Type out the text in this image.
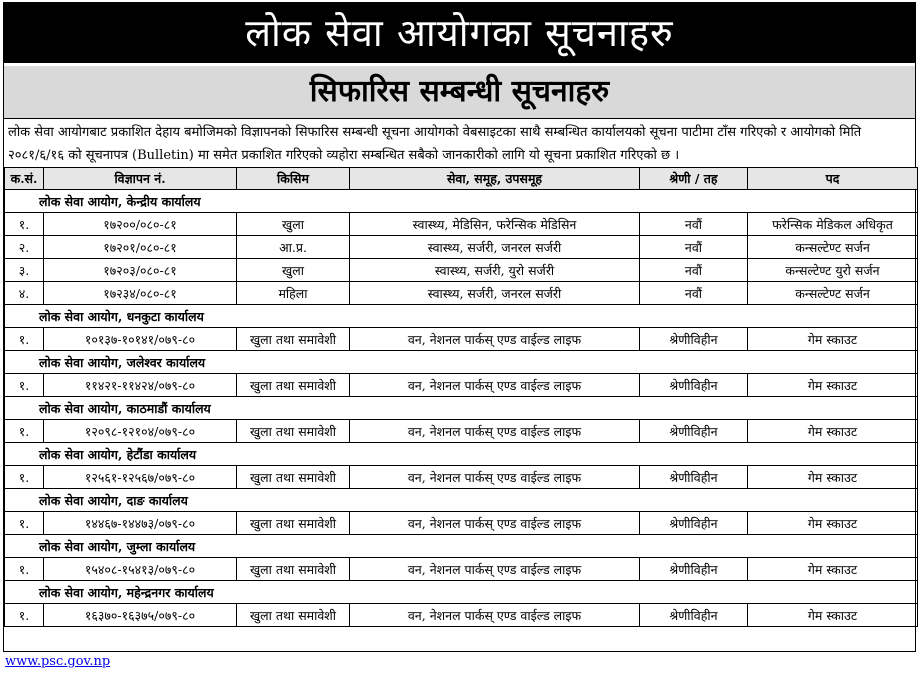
लोक सेवा आयोगका सूचनाहरु
सिफारिस सम्बन्धी सूचनाहरु
लोक सेवा आयोगबाट प्रकाशित देहाय बमोजिमको विज्ञापनको सिफारिस सम्बन्धी सूचना आयोगको वेबसाइटका साथै सम्बन्धित कार्यालयको सूचना पाटीमा टाँस गरिएको र आयोगको मिति २०८१/६/१६ को सूचनापत्र (Bulletin) मा समेत प्रकाशित गरिएको व्यहोरा सम्बन्धित सबैको जानकारीको लागि यो सूचना प्रकाशित गरिएको छ ।
क.सं.	विज्ञापन नं.	किसिम	सेवा, समूह, उपसमूह	श्रेणी / तह	पद
लोक सेवा आयोग, केन्द्रीय कार्यालय					
१.	१७२००/०८०-८१	खुला	स्वास्थ्य, मेडिसिन, फरेन्सिक मेडिसिन	नवौं	फरेन्सिक मेडिकल अधिकृत
२.	१७२०१/०८०-८१	आ.प्र.	स्वास्थ्य, सर्जरी, जनरल सर्जरी	नवौं	कन्सल्टेण्ट सर्जन
३.	१७२०३/०८०-८१	खुला	स्वास्थ्य, सर्जरी, युरो सर्जरी	नवौं	कन्सल्टेण्ट युरो सर्जन
४.	१७२३४/०८०-८१	महिला	स्वास्थ्य, सर्जरी, जनरल सर्जरी	नवौं	कन्सल्टेण्ट सर्जन
लोक सेवा आयोग, धनकुटा कार्यालय					
१.	१०१३७-१०१४१/०७९-८०	खुला तथा समावेशी	वन, नेशनल पार्कस् एण्ड वाईल्ड लाइफ	श्रेणीविहीन	गेम स्काउट
लोक सेवा आयोग, जलेश्वर कार्यालय					
१.	११४२१-११४२४/०७९-८०	खुला तथा समावेशी	वन, नेशनल पार्कस् एण्ड वाईल्ड लाइफ	श्रेणीविहीन	गेम स्काउट
लोक सेवा आयोग, काठमाडौं कार्यालय					
१.	१२०९८-१२१०४/०७९-८०	खुला तथा समावेशी	वन, नेशनल पार्कस् एण्ड वाईल्ड लाइफ	श्रेणीविहीन	गेम स्काउट
लोक सेवा आयोग, हेटौंडा कार्यालय					
१.	१२५६१-१२५६७/०७९-८०	खुला तथा समावेशी	वन, नेशनल पार्कस् एण्ड वाईल्ड लाइफ	श्रेणीविहीन	गेम स्काउट
लोक सेवा आयोग, दाङ कार्यालय					
१.	१४४६७-१४४७३/०७९-८०	खुला तथा समावेशी	वन, नेशनल पार्कस् एण्ड वाईल्ड लाइफ	श्रेणीविहीन	गेम स्काउट
लोक सेवा आयोग, जुम्ला कार्यालय					
१.	१५४०८-१५४१३/०७९-८०	खुला तथा समावेशी	वन, नेशनल पार्कस् एण्ड वाईल्ड लाइफ	श्रेणीविहीन	गेम स्काउट
लोक सेवा आयोग, महेन्द्रनगर कार्यालय					
१.	१६३७०-१६३७५/०७९-८०	खुला तथा समावेशी	वन, नेशनल पार्कस् एण्ड वाईल्ड लाइफ	श्रेणीविहीन	गेम स्काउट
www.psc.gov.np
